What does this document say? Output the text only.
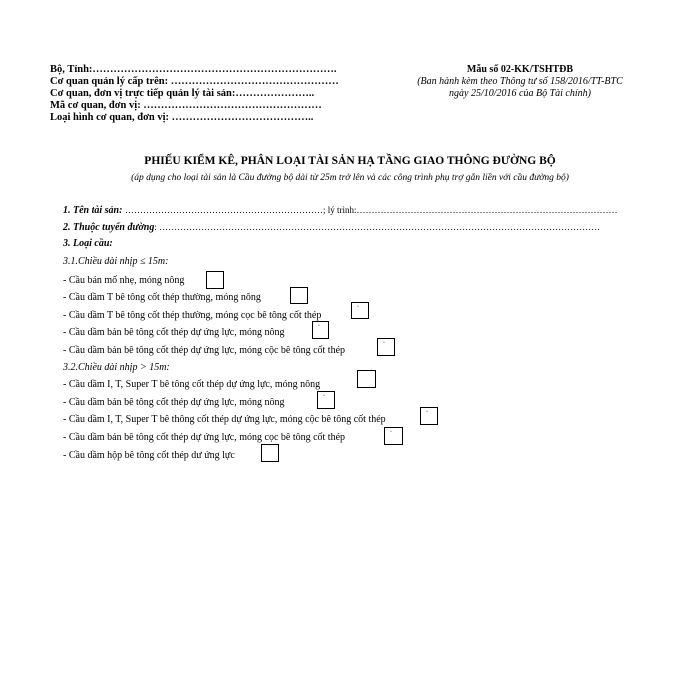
Bộ, Tỉnh:…………………………………………………………….
Cơ quan quản lý cấp trên: …………………………………………
Cơ quan, đơn vị trực tiếp quản lý tài sản:…………………..
Mã cơ quan, đơn vị: ……………………………………………
Loại hình cơ quan, đơn vị: …………………………………..
Mẫu số 02-KK/TSHTĐB
(Ban hành kèm theo Thông tư số 158/2016/TT-BTC
ngày 25/10/2016 của Bộ Tài chính)
PHIẾU KIỂM KÊ, PHÂN LOẠI TÀI SẢN HẠ TẦNG GIAO THÔNG ĐƯỜNG BỘ
(áp dụng cho loại tài sản là Cầu đường bộ dài từ 25m trở lên và các công trình phụ trợ gắn liền với cầu đường bộ)
1. Tên tài sản: …………………………………………………………; lý trình:……………………………………………………………………………
2. Thuộc tuyến đường: …………………………………………………………………………………………………………………………………
3. Loại cầu:
3.1.Chiều dài nhịp ≤ 15m:
- Cầu bản mố nhẹ, móng nông
- Cầu dầm T bê tông cốt thép thường, móng nông
- Cầu dầm T bê tông cốt thép thường, móng cọc bê tông cốt thép
▫
- Cầu dầm bản bê tông cốt thép dự ứng lực, móng nông
▫
- Cầu dầm bản bê tông cốt thép dự ứng lực, móng cộc bê tông cốt thép
▫
3.2.Chiều dài nhịp > 15m:
- Cầu dầm I, T, Super T bê tông cốt thép dự ứng lực, móng nông
- Cầu dầm bản bê tông cốt thép dự ứng lực, móng nông
▫
- Cầu dầm I, T, Super T bê thông cốt thép dự ứng lực, móng cộc bê tông cốt thép
▫
- Cầu dầm bản bê tông cốt thép dự ứng lực, móng cọc bê tông cốt thép	▫
- Cầu dầm hộp bê tông cốt thép dư ứng lực
